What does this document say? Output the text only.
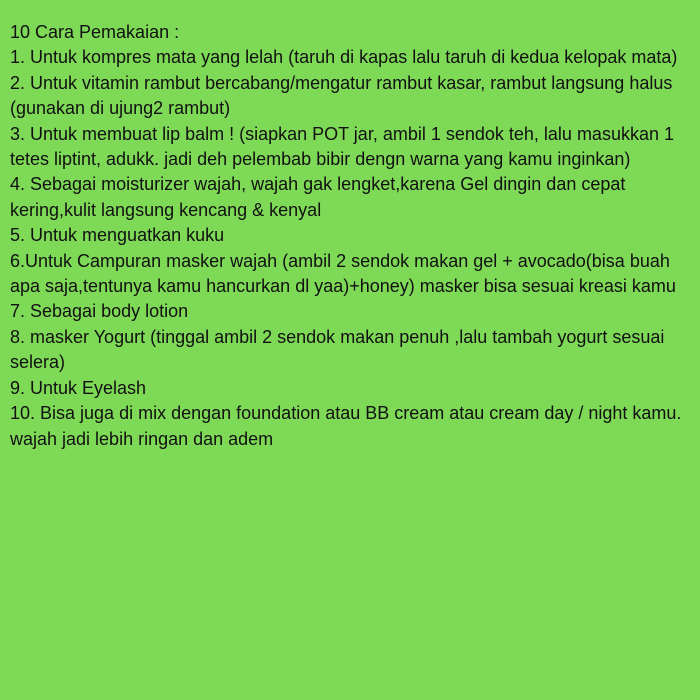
10 Cara Pemakaian :

1. Untuk kompres mata yang lelah (taruh di kapas lalu taruh di kedua kelopak mata)
2. Untuk vitamin rambut bercabang/mengatur rambut kasar, rambut langsung halus (gunakan di ujung2 rambut)
3. Untuk membuat lip balm ! (siapkan POT jar, ambil 1 sendok teh, lalu masukkan 1 tetes liptint, adukk. jadi deh pelembab bibir dengn warna yang kamu inginkan)
4. Sebagai moisturizer wajah, wajah gak lengket,karena Gel dingin dan cepat kering,kulit langsung kencang & kenyal
5. Untuk menguatkan kuku
6.Untuk Campuran masker wajah (ambil 2 sendok makan gel + avocado(bisa buah apa saja,tentunya kamu hancurkan dl yaa)+honey) masker bisa sesuai kreasi kamu
7. Sebagai body lotion
8. masker Yogurt (tinggal ambil 2 sendok makan penuh ,lalu tambah yogurt sesuai selera)
9. Untuk Eyelash
10. Bisa juga di mix dengan foundation atau BB cream atau cream day / night kamu. wajah jadi lebih ringan dan adem
